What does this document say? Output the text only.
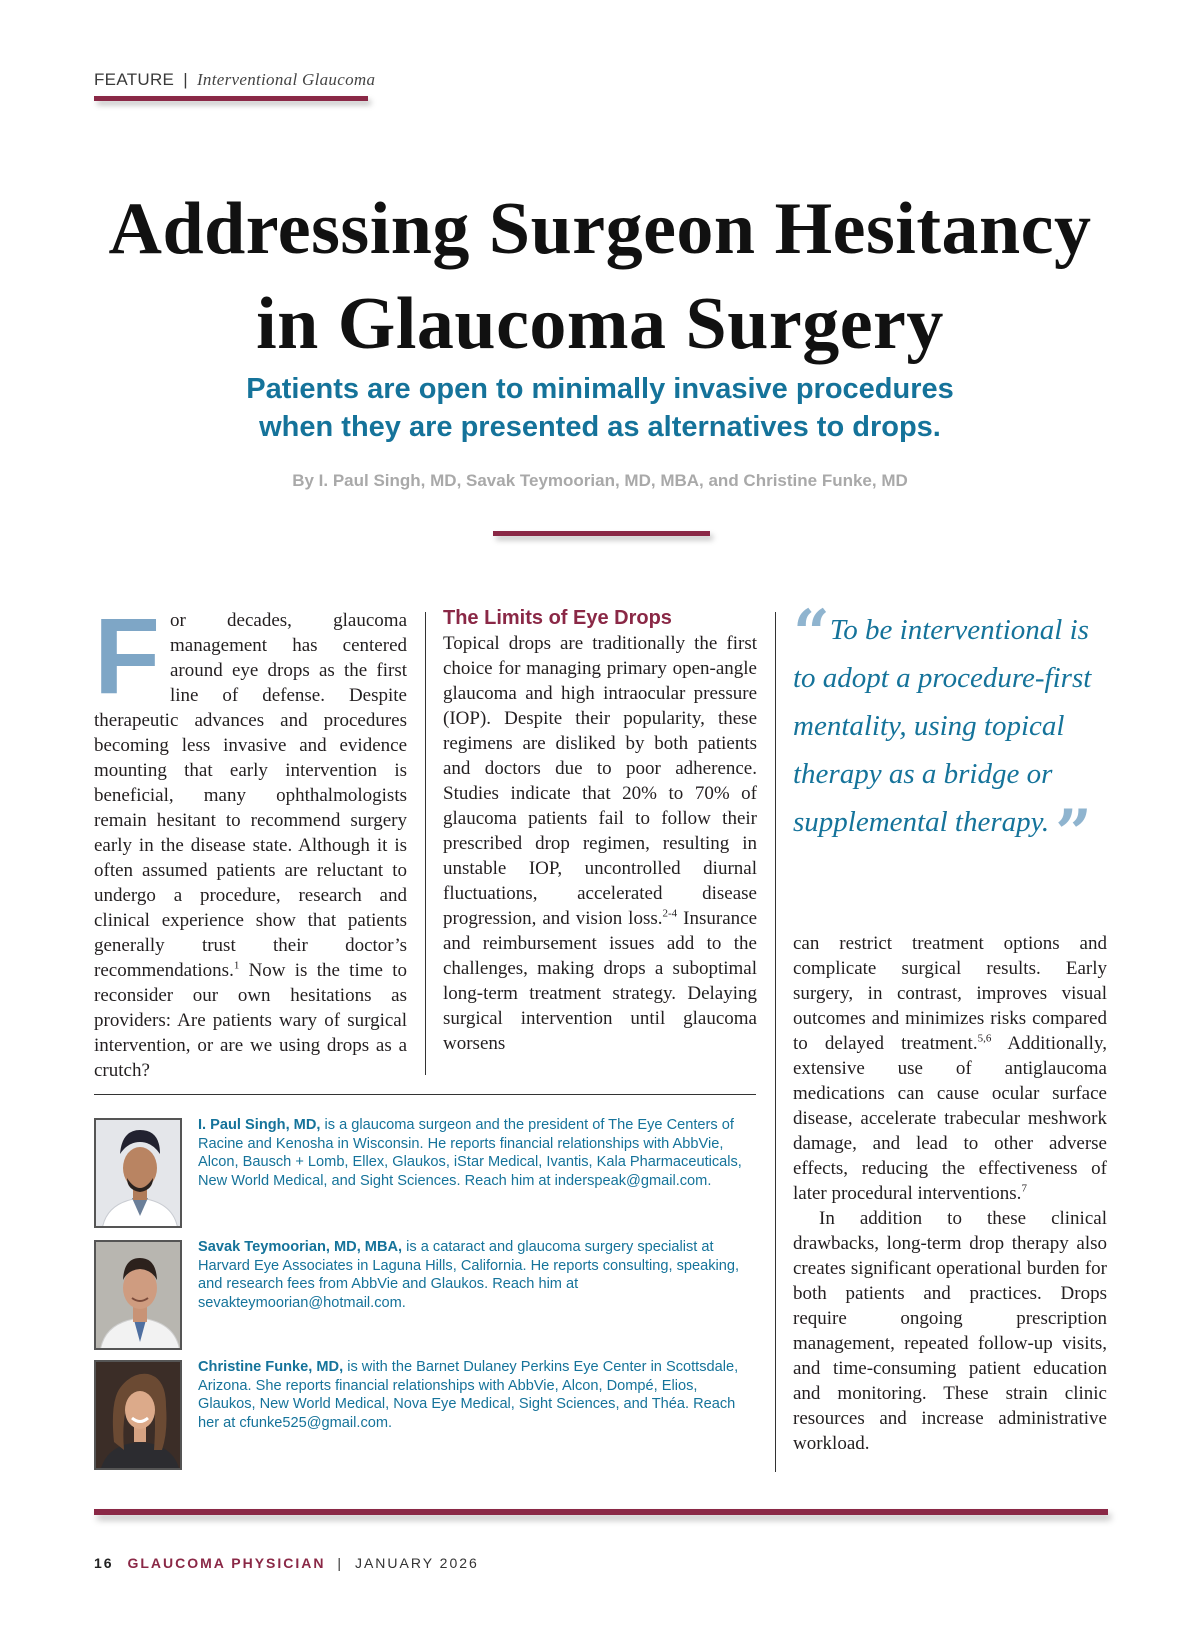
FEATURE | Interventional Glaucoma
Addressing Surgeon Hesitancy
in Glaucoma Surgery
Patients are open to minimally invasive procedures
when they are presented as alternatives to drops.
By I. Paul Singh, MD, Savak Teymoorian, MD, MBA, and Christine Funke, MD
For decades, glaucoma management has centered around eye drops as the first line of defense. Despite therapeutic advances and procedures becoming less invasive and evidence mounting that early intervention is beneficial, many ophthalmologists remain hesitant to recommend surgery early in the disease state. Although it is often assumed patients are reluctant to undergo a procedure, research and clinical experience show that patients generally trust their doctor’s recommendations.$^1$ Now is the time to reconsider our own hesitations as providers: Are patients wary of surgical intervention, or are we using drops as a crutch?
The Limits of Eye Drops
Topical drops are traditionally the first choice for managing primary open-angle glaucoma and high intraocular pressure (IOP). Despite their popularity, these regimens are disliked by both patients and doctors due to poor adherence. Studies indicate that 20% to 70% of glaucoma patients fail to follow their prescribed drop regimen, resulting in unstable IOP, uncontrolled diurnal fluctuations, accelerated disease progression, and vision loss.$^{2-4}$ Insurance and reimbursement issues add to the challenges, making drops a suboptimal long-term treatment strategy. Delaying surgical intervention until glaucoma worsens
“ To be interventional is to adopt a procedure-first mentality, using topical therapy as a bridge or supplemental therapy.”

can restrict treatment options and complicate surgical results. Early surgery, in contrast, improves visual outcomes and minimizes risks compared to delayed treatment.$^{5,6}$ Additionally, extensive use of antiglaucoma medications can cause ocular surface disease, accelerate trabecular meshwork damage, and lead to other adverse effects, reducing the effectiveness of later procedural interventions.$^7$

In addition to these clinical drawbacks, long-term drop therapy also creates significant operational burden for both patients and practices. Drops require ongoing prescription management, repeated follow-up visits, and time-consuming patient education and monitoring. These strain clinic resources and increase administrative workload.

I. Paul Singh, MD, is a glaucoma surgeon and the president of The Eye Centers of Racine and Kenosha in Wisconsin. He reports financial relationships with AbbVie, Alcon, Bausch + Lomb, Ellex, Glaukos, iStar Medical, Ivantis, Kala Pharmaceuticals, New World Medical, and Sight Sciences. Reach him at inderspeak@gmail.com.
Savak Teymoorian, MD, MBA, is a cataract and glaucoma surgery specialist at Harvard Eye Associates in Laguna Hills, California. He reports consulting, speaking, and research fees from AbbVie and Glaukos. Reach him at sevakteymoorian@hotmail.com.
Christine Funke, MD, is with the Barnet Dulaney Perkins Eye Center in Scottsdale, Arizona. She reports financial relationships with AbbVie, Alcon, Dompé, Elios, Glaukos, New World Medical, Nova Eye Medical, Sight Sciences, and Théa. Reach her at cfunke525@gmail.com.
16 GLAUCOMA PHYSICIAN | JANUARY 2026
